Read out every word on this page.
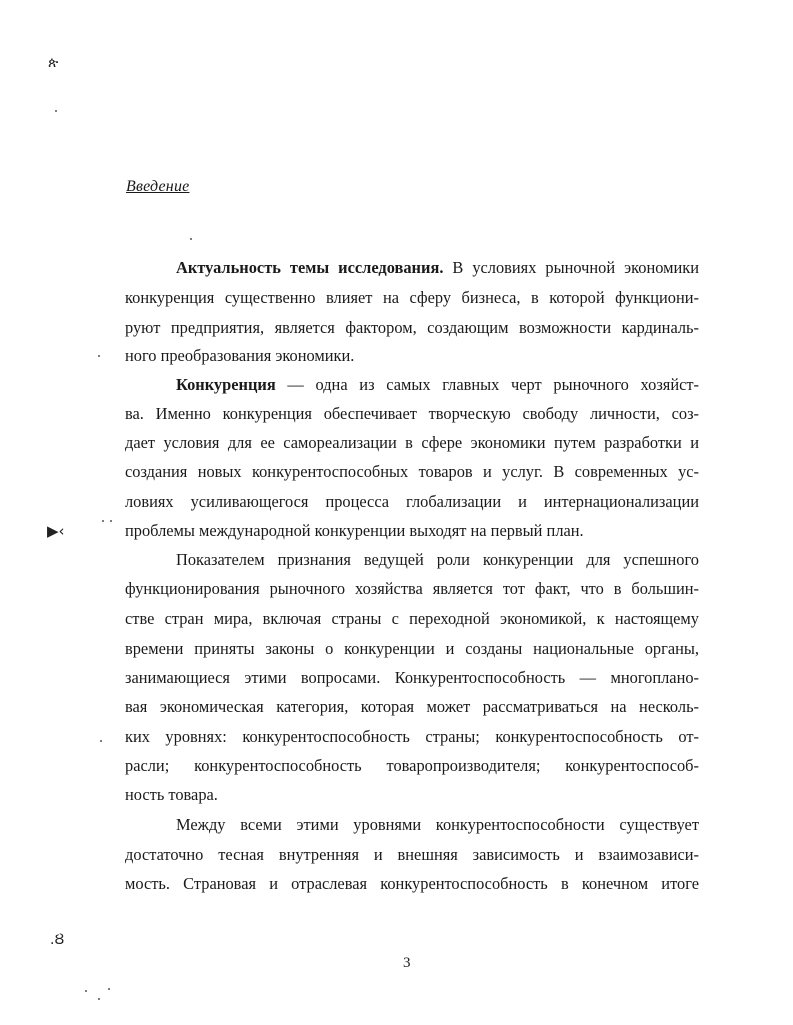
ጵ
▶‹
.Ȣ
Введение
Актуальность темы исследования. В условиях рыночной экономики
конкуренция существенно влияет на сферу бизнеса, в которой функциони-
руют предприятия, является фактором, создающим возможности кардиналь-
ного преобразования экономики.
Конкуренция — одна из самых главных черт рыночного хозяйст-
ва. Именно конкуренция обеспечивает творческую свободу личности, соз-
дает условия для ее самореализации в сфере экономики путем разработки и
создания новых конкурентоспособных товаров и услуг. В современных ус-
ловиях усиливающегося процесса глобализации и интернационализации
проблемы международной конкуренции выходят на первый план.
Показателем признания ведущей роли конкуренции для успешного
функционирования рыночного хозяйства является тот факт, что в большин-
стве стран мира, включая страны с переходной экономикой, к настоящему
времени приняты законы о конкуренции и созданы национальные органы,
занимающиеся этими вопросами. Конкурентоспособность — многоплано-
вая экономическая категория, которая может рассматриваться на несколь-
ких уровнях: конкурентоспособность страны; конкурентоспособность от-
расли; конкурентоспособность товаропроизводителя; конкурентоспособ-
ность товара.
Между всеми этими уровнями конкурентоспособности существует
достаточно тесная внутренняя и внешняя зависимость и взаимозависи-
мость. Страновая и отраслевая конкурентоспособность в конечном итоге
3
